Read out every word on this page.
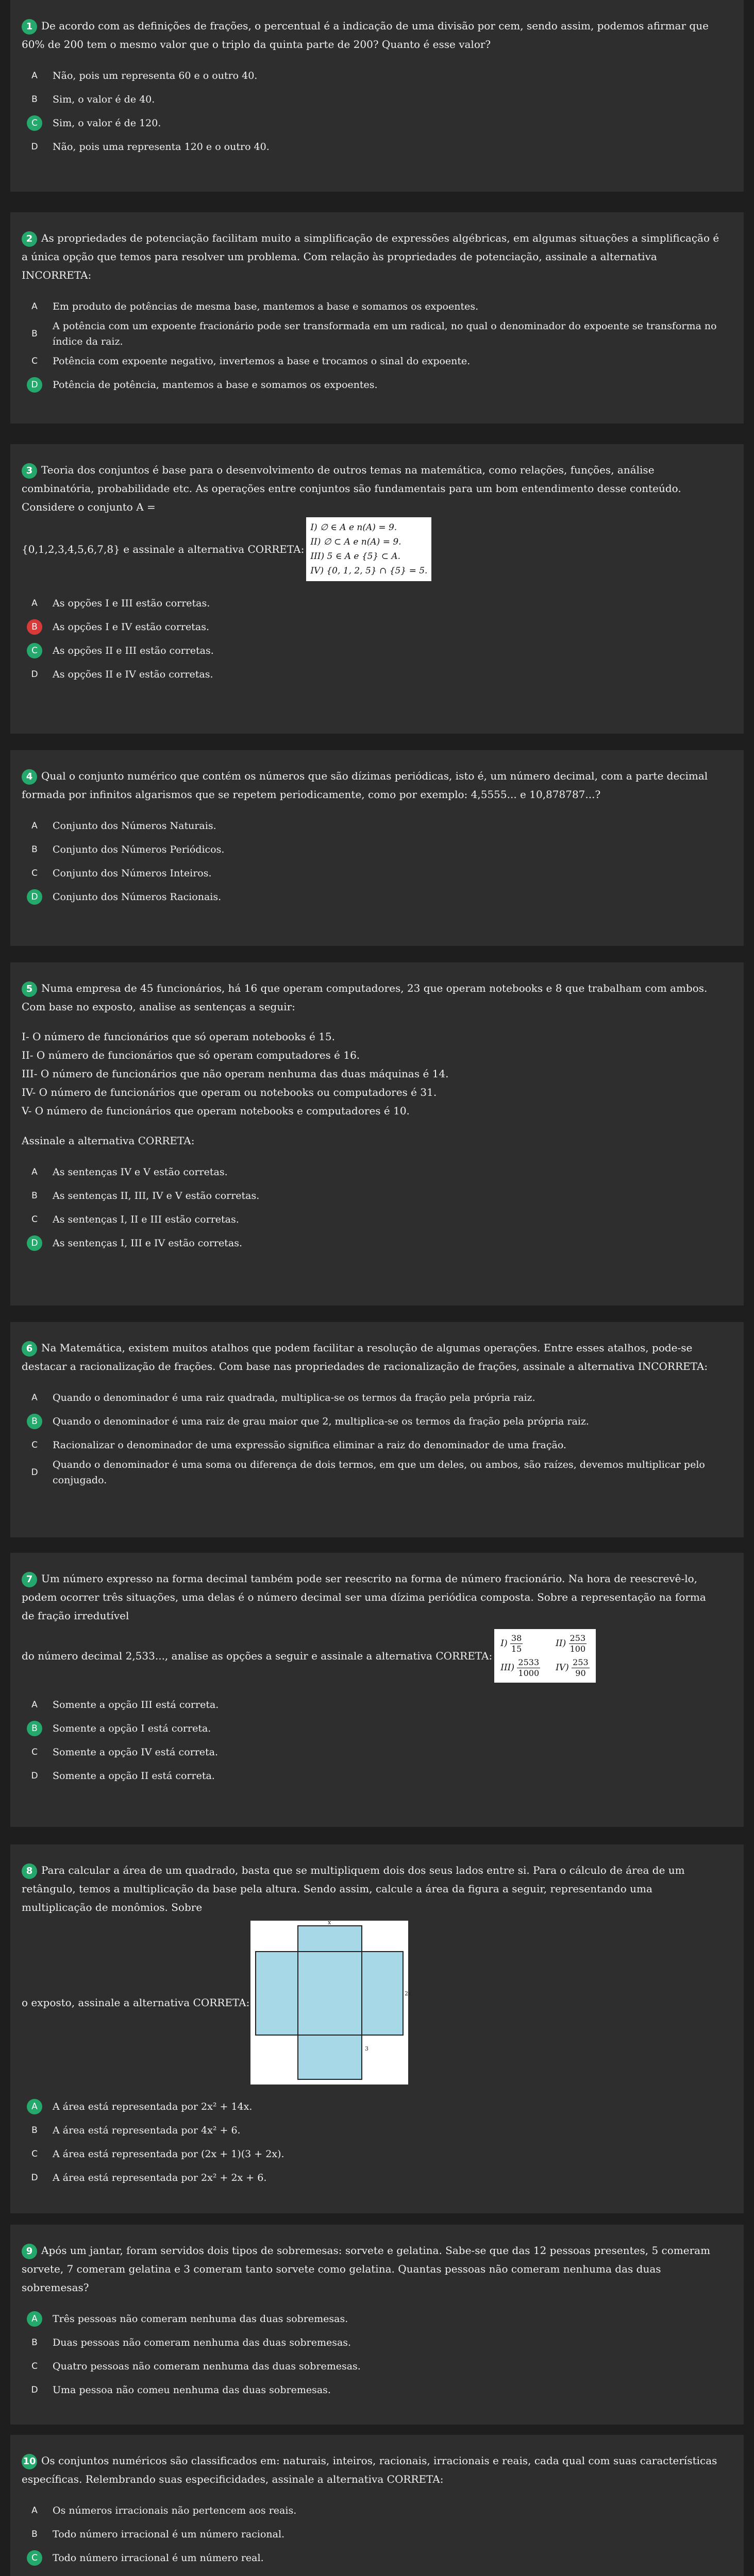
1 De acordo com as definições de frações, o percentual é a indicação de uma divisão por cem, sendo assim, podemos afirmar que 60% de 200 tem o mesmo valor que o triplo da quinta parte de 200? Quanto é esse valor?
A	Não, pois um representa 60 e o outro 40.
B	Sim, o valor é de 40.
C	Sim, o valor é de 120.
D	Não, pois uma representa 120 e o outro 40.
2 As propriedades de potenciação facilitam muito a simplificação de expressões algébricas, em algumas situações a simplificação é a única opção que temos para resolver um problema. Com relação às propriedades de potenciação, assinale a alternativa INCORRETA:
A	Em produto de potências de mesma base, mantemos a base e somamos os expoentes.
B
A potência com um expoente fracionário pode ser transformada em um radical, no qual o denominador do expoente se transforma no índice da raiz.
C	Potência com expoente negativo, invertemos a base e trocamos o sinal do expoente.
D	Potência de potência, mantemos a base e somamos os expoentes.
3 Teoria dos conjuntos é base para o desenvolvimento de outros temas na matemática, como relações, funções, análise combinatória, probabilidade etc. As operações entre conjuntos são fundamentais para um bom entendimento desse conteúdo. Considere o conjunto A =
{0,1,2,3,4,5,6,7,8} e assinale a alternativa CORRETA:
I) ∅ ∈ A e n(A) = 9.
II) ∅ ⊂ A e n(A) = 9.
III) 5 ∈ A e {5} ⊂ A.
IV) {0, 1, 2, 5} ∩ {5} = 5.
A	As opções I e III estão corretas.
B	As opções I e IV estão corretas.
C	As opções II e III estão corretas.
D	As opções II e IV estão corretas.
4 Qual o conjunto numérico que contém os números que são dízimas periódicas, isto é, um número decimal, com a parte decimal formada por infinitos algarismos que se repetem periodicamente, como por exemplo: 4,5555... e 10,878787...?
A	Conjunto dos Números Naturais.
B	Conjunto dos Números Periódicos.
C	Conjunto dos Números Inteiros.
D	Conjunto dos Números Racionais.
5 Numa empresa de 45 funcionários, há 16 que operam computadores, 23 que operam notebooks e 8 que trabalham com ambos. Com base no exposto, analise as sentenças a seguir:
I- O número de funcionários que só operam notebooks é 15.
II- O número de funcionários que só operam computadores é 16.
III- O número de funcionários que não operam nenhuma das duas máquinas é 14.
IV- O número de funcionários que operam ou notebooks ou computadores é 31.
V- O número de funcionários que operam notebooks e computadores é 10.
Assinale a alternativa CORRETA:
A	As sentenças IV e V estão corretas.
B	As sentenças II, III, IV e V estão corretas.
C	As sentenças I, II e III estão corretas.
D	As sentenças I, III e IV estão corretas.
6 Na Matemática, existem muitos atalhos que podem facilitar a resolução de algumas operações. Entre esses atalhos, pode-se destacar a racionalização de frações. Com base nas propriedades de racionalização de frações, assinale a alternativa INCORRETA:
A	Quando o denominador é uma raiz quadrada, multiplica-se os termos da fração pela própria raiz.
B	Quando o denominador é uma raiz de grau maior que 2, multiplica-se os termos da fração pela própria raiz.
C	Racionalizar o denominador de uma expressão significa eliminar a raiz do denominador de uma fração.
D
Quando o denominador é uma soma ou diferença de dois termos, em que um deles, ou ambos, são raízes, devemos multiplicar pelo conjugado.
7 Um número expresso na forma decimal também pode ser reescrito na forma de número fracionário. Na hora de reescrevê-lo, podem ocorrer três situações, uma delas é o número decimal ser uma dízima periódica composta. Sobre a representação na forma de fração irredutível
do número decimal 2,533..., analise as opções a seguir e assinale a alternativa CORRETA:
$I) \frac{38}{15}$	$II) \frac{253}{100}$
$III) \frac{2533}{1000} IV) \frac{253}{90}$
A	Somente a opção III está correta.
B	Somente a opção I está correta.
C	Somente a opção IV está correta.
D	Somente a opção II está correta.
8 Para calcular a área de um quadrado, basta que se multipliquem dois dos seus lados entre si. Para o cálculo de área de um retângulo, temos a multiplicação da base pela altura. Sendo assim, calcule a área da figura a seguir, representando uma multiplicação de monômios. Sobre
o exposto, assinale a alternativa CORRETA:
x
2x
3
A	A área está representada por 2x² + 14x.
B	A área está representada por 4x² + 6.
C	A área está representada por (2x + 1)(3 + 2x).
D	A área está representada por 2x² + 2x + 6.
9 Após um jantar, foram servidos dois tipos de sobremesas: sorvete e gelatina. Sabe-se que das 12 pessoas presentes, 5 comeram sorvete, 7 comeram gelatina e 3 comeram tanto sorvete como gelatina. Quantas pessoas não comeram nenhuma das duas sobremesas?
A	Três pessoas não comeram nenhuma das duas sobremesas.
B	Duas pessoas não comeram nenhuma das duas sobremesas.
C	Quatro pessoas não comeram nenhuma das duas sobremesas.
D	Uma pessoa não comeu nenhuma das duas sobremesas.
10 Os conjuntos numéricos são classificados em: naturais, inteiros, racionais, irracionais e reais, cada qual com suas características específicas. Relembrando suas especificidades, assinale a alternativa CORRETA:
A	Os números irracionais não pertencem aos reais.
B	Todo número irracional é um número racional.
C	Todo número irracional é um número real.
